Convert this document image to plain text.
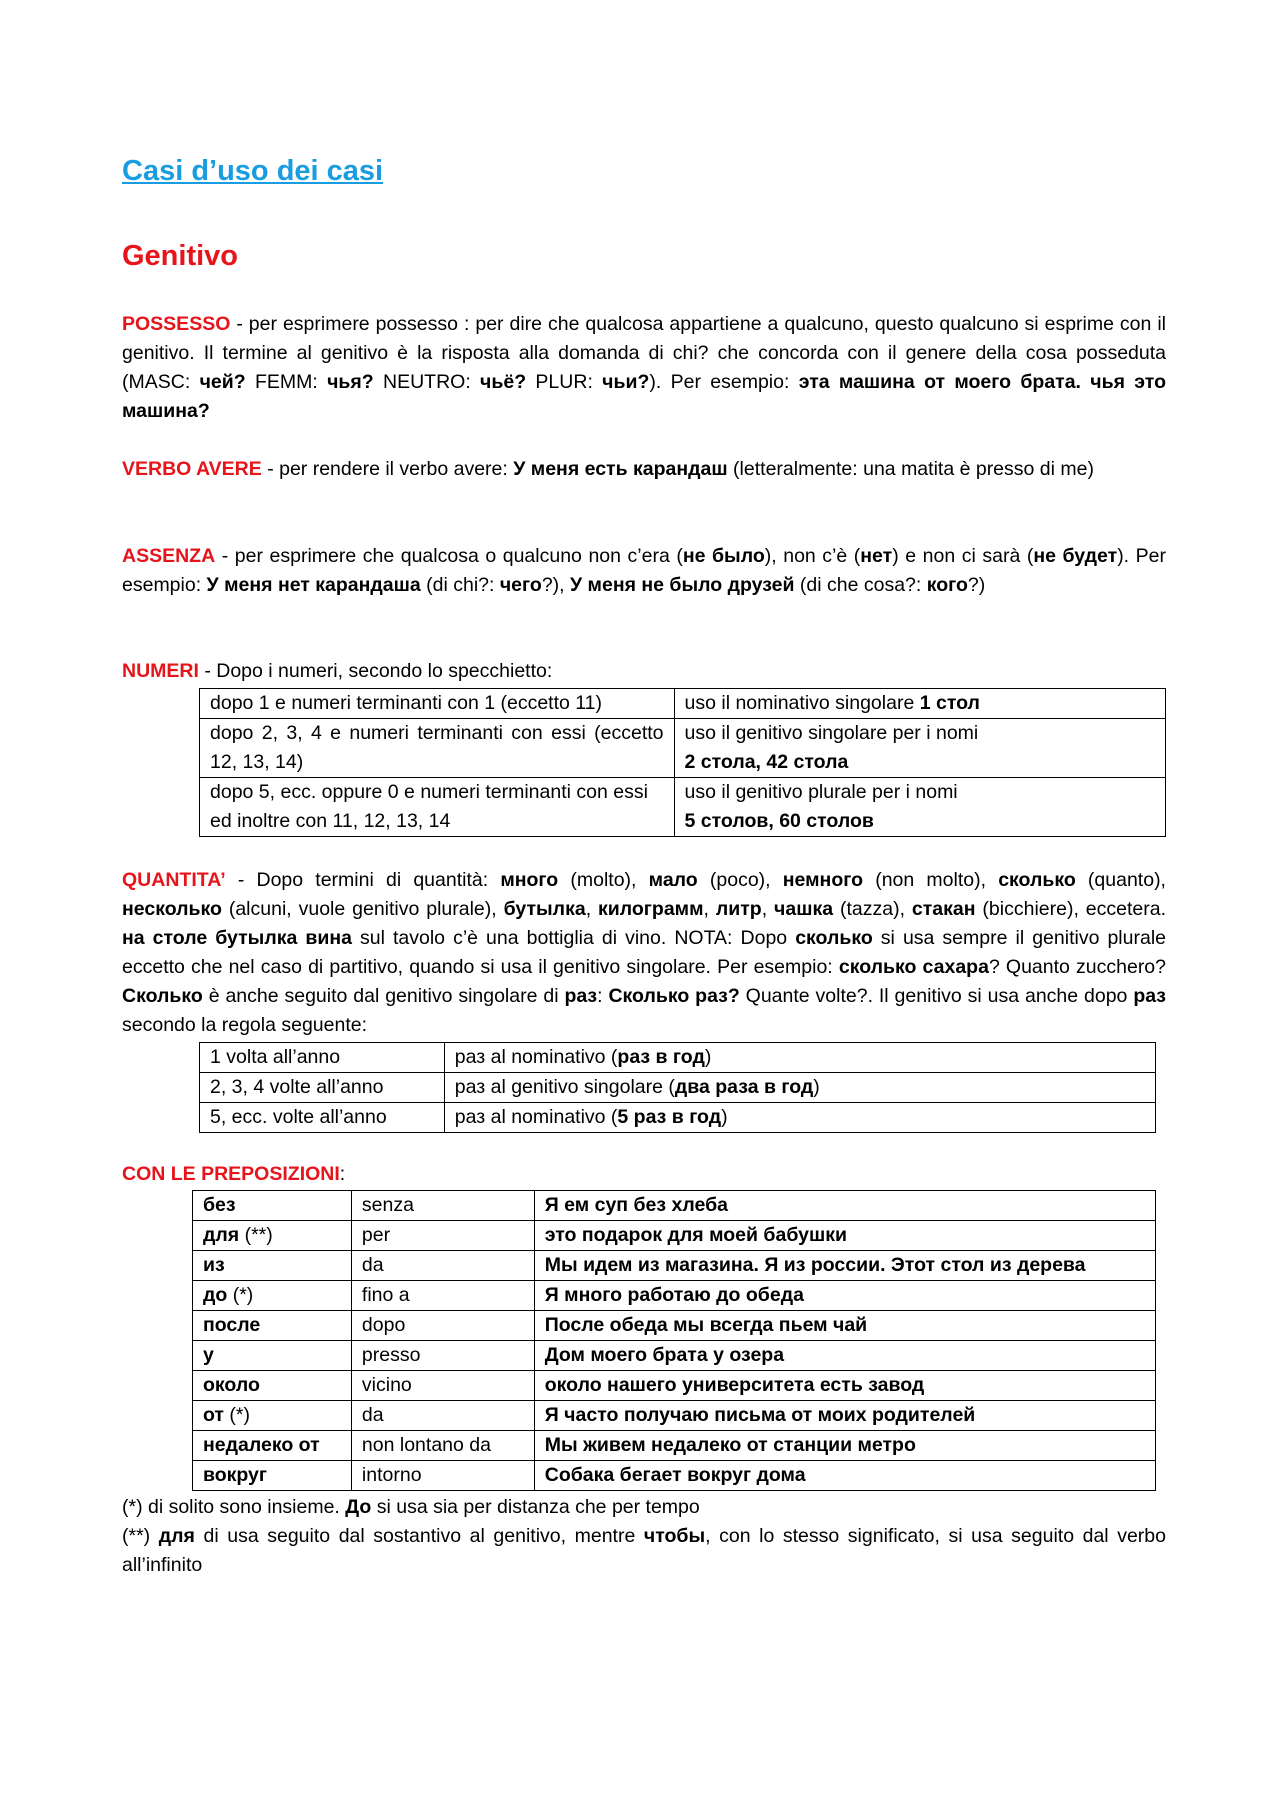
Casi d’uso dei casi
Genitivo

POSSESSO - per esprimere possesso : per dire che qualcosa appartiene a qualcuno, questo qualcuno si esprime con il genitivo. Il termine al genitivo è la risposta alla domanda di chi? che concorda con il genere della cosa posseduta (MASC: чей? FEMM: чья? NEUTRO: чьё? PLUR: чьи?). Per esempio: эта машина от моего брата. чья это машина?

VERBO AVERE - per rendere il verbo avere: У меня есть карандаш (letteralmente: una matita è presso di me)

ASSENZA - per esprimere che qualcosa o qualcuno non c’era (не было), non c’è (нет) e non ci sarà (не будет). Per esempio: У меня нет карандаша (di chi?: чего?), У меня не было друзей (di che cosa?: кого?)

NUMERI - Dopo i numeri, secondo lo specchietto:

dopo 1 e numeri terminanti con 1 (eccetto 11)	uso il nominativo singolare 1 стол
dopo 2, 3, 4 e numeri terminanti con essi (eccetto 12, 13, 14)	uso il genitivo singolare per i nomi
2 стола, 42 стола
dopo 5, ecc. oppure 0 e numeri terminanti con essi ed inoltre con 11, 12, 13, 14	uso il genitivo plurale per i nomi
5 столов, 60 столов

QUANTITA’ - Dopo termini di quantità: много (molto), мало (poco), немного (non molto), сколько (quanto), несколько (alcuni, vuole genitivo plurale), бутылка, килограмм, литр, чашка (tazza), стакан (bicchiere), eccetera. на столе бутылка вина sul tavolo c’è una bottiglia di vino. NOTA: Dopo сколько si usa sempre il genitivo plurale eccetto che nel caso di partitivo, quando si usa il genitivo singolare. Per esempio: сколько сахара? Quanto zucchero? Сколько è anche seguito dal genitivo singolare di раз: Сколько раз? Quante volte?. Il genitivo si usa anche dopo раз secondo la regola seguente:

1 volta all’anno	раз al nominativo (раз в год)
2, 3, 4 volte all’anno	раз al genitivo singolare (два раза в год)
5, ecc. volte all’anno	раз al nominativo (5 раз в год)

CON LE PREPOSIZIONI:

без	senza	Я ем суп без хлеба
для (**)	per	это подарок для моей бабушки
из	da	Мы идем из магазина. Я из россии. Этот стол из дерева
до (*)	fino a	Я много работаю до обеда
после	dopo	После обеда мы всегда пьем чай
у	presso	Дом моего брата у озера
около	vicino	около нашего университета есть завод
от (*)	da	Я часто получаю письма от моих родителей
недалеко от	non lontano da	Мы живем недалеко от станции метро
вокруг	intorno	Собака бегает вокруг дома

(*) di solito sono insieme. До si usa sia per distanza che per tempo

(**) для di usa seguito dal sostantivo al genitivo, mentre чтобы, con lo stesso significato, si usa seguito dal verbo all’infinito
